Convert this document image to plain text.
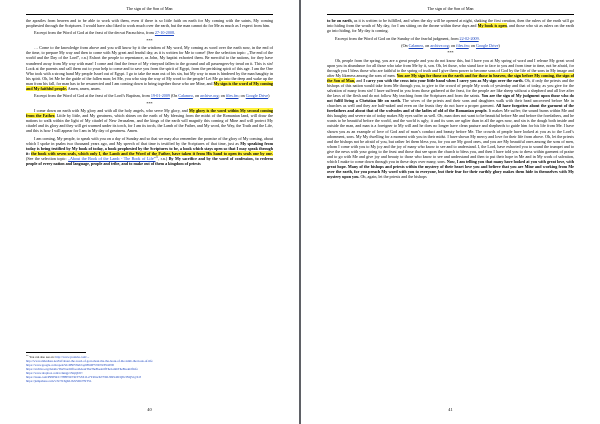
The sign of the Son of Man

the apostles from heaven and to be able to work with them, even if there is so little faith on earth for My coming with the saints, My coming prophesied through the Scriptures. I would have also liked to work much over the earth, but the man cannot do for Me as much as I expect from him.

Excerpt from the Word of God at the feast of the decvat Paraschiva, from 27-10-2008.

***

… Come to the knowledge from above and you will know by it the wisdom of My word, My coming as word over the earth now, in the end of the time, to prepare My way and then to come with My great and fearful day, as it is written for Me to come! (See the selection topic: „The end of the world and the Day of the Lord”, r.n.) Exhort the people to repentance, as John, My baptist exhorted them. Be merciful to the nations, for they have wandered away from My way with man! I come and find the fence of My vineyard fallen to the ground and all passengers-by tread on it. This is sin! Look at the parents and call them out to your help to come and to save you from the spirit of Egypt, from the perishing spirit of this age. I am the One Who took with a strong hand My people Israel out of Egypt. I go to take the man out of his sin, but My way to man is hindered by the man haughty in his spirit. Oh, let Me be the guide of the fallen man; let Me, you who stop the way of My word to the people! Let Me go into the deep and wake up the man from his fall, for man has to be resurrected and I am coming down to bring together those who are Mine, and My sign is the word of My coming and My faithful people. Amen, amen, amen.

Excerpt from the Word of God at the feast of the Lord’s Baptism, from 19-01-2009 (On Calameo, on archive.org; on files.fm; on Google Drive)

***

I come down on earth with My glory and with all the holy angels, who serve My glory, and My glory is the word within My second coming from the Father. Little by little, and My greatness, which shines on the earth of My blessing from the midst of the Romanian land, will draw the nations to walk within the light of My citadel of New Jerusalem, and the kings of the earth will magnify this coming of Mine and will protect My citadel and its glory and they will get warmed under its torch, for I am its torch, the Lamb of the Father, and My word, the Way, the Truth and the Life, and this is how I will appear for I am in My day of greatness. Amen.

I am coming, My people, to speak with you on a day of Sunday and so that we may also remember the promise of the glory of My coming, about which I spoke in psalm two thousand years ago, and My speech of that time is testified by the Scriptures of that time, just as My speaking from today is being testified by My book of today, a book prophesied by the Scriptures to be, a book which stays open so that I may speak through it: the book with seven seals, which only I, the Lamb and the Word of the Father, have taken it from His hand to open its seals one by one. (See the selection topic: „About the Book of the Lamb - The Book of Life”$^{22}$, r.n.) By My sacrifice and by the word of confession, to redeem people of every nation and language, people and tribe, and to make out of them a kingdom of priests

$^{22}$ You can also see on: http://www.youtube.com/...
http://www.slideshare.net/bsf/about-the-word-of-god-about-the-the-book-of-the-lamb-the-book-of-life
https://www.google.com/open?id=0B0V8eUGp9Fht0FVNtNUFbx0N0
https://archive.org/details/TheWordOfGodAboutTheTheBookOfTheLambTheBookOfLife
https://www.dropbox.com/s/4ungp/rSIqQbW/
https://issuu.com/P9NH4/C7/8HE9UTR/YS5X1L2/Y49A/KTYRLNRS4D/Q6v3NQS1g/0-8
https://jumpshare.com/v/X7JC6gKLlhJvSDO7NT5L
40
The sign of the Son of Man

to be on earth, as it is written to be fulfilled, and when the sky will be opened at night, shaking the first creation, then the rulers of the earth will go into hiding from the wrath of My day, for I am sitting on the throne within these days and My book is open, and those who sit as rulers on the earth go into hiding, for My day is coming.

Excerpt from the Word of God on the Sunday of the fearful judgment, from 22-02-2009.

(On Calameo, on archive.org; on files.fm; on Google Drive)

***

Oh, people from the spring, you are a great people and you do not know this, but I have you at My spring of word and I release My great word upon you in abundance for all those who take from Me by it, son. Oh, let those, who stand face to face to you and from time to time, not be afraid, for through you I bless those who are faithful to the spring of truth and I give them power to become sons of God by the life of the sons in My image and after My likeness among the sons of men. You are My sign for those on the earth and for those in heaven, the sign before My coming, the sign of the Son of Man, and I carry you with the cross into your little band when I carry you as My sign over the earth. Oh, if only the priests and the bishops of this nation would take from Me through you, to give to the crowd of people My work of yesterday and that of today, as you give for the salvation of many from sin! I have suffered in you from those gathered at the feast, for the people are like sheep without a shepherd and all live after the laws of the flesh and do not follow My teaching from the Scriptures and from the saints. You are the sign of My judgment upon those who do not fulfil living a Christian life on earth. The wives of the priests and their sons and daughters walk with their head uncovered before Me in churches as well and they are half-naked and even on the feasts they do not have a proper garment. All have forgotten about the garment of the forefathers and about that of the wolvodes and of the ladies of old of the Romanian people. It makes Me suffer; the sound burns within Me and this haughty and severe sin of today makes My eyes suffer as well. Oh, man does not want to be beautiful before Me and before the forefathers, and he wants to be beautiful before the world, and the world is ugly; it and its sons are uglier than in all the ages now, and sin is the dough both inside and outside the man, and man is a foreigner to My will and he does no longer have clean pasture and shepherds to guide him for his life from Me. I have shown you as an example of love of God and of man’s conduct and beauty before Me. The crowds of people have looked at you as to the Lord’s adornment, sons. My My dwelling for a moment with you in their midst. I have shown My mercy and love for their life from above. Oh, let the priests and the bishops not be afraid of you, but rather let them bless you, for you are My good ones, and you are My beautiful ones among the sons of men, whom I come with you to My joy and the joy of many who know to see and to understand. I, the Lord, have exhorted you to sound the trumpet and to give the news with your going to the feast and those that see upon the church to bless you, and then I have told you to dress within garment of praise and to go with Me and give joy and beauty to those who know to see and understand and then to put their hope in Me and in My work of salvation, which I make to come down through you in these days over many, sons. Now, I am telling you that many have looked at you with great love, with great hope. Many of the bishops and priests within the mystery of their heart love you and believe that you are Mine and working from Me over the earth, for you preach My word with you to everyone, but their fear for their earthly glory makes them hide in themselves with My mystery upon you. Oh, again, let the priests and the bishops

41
